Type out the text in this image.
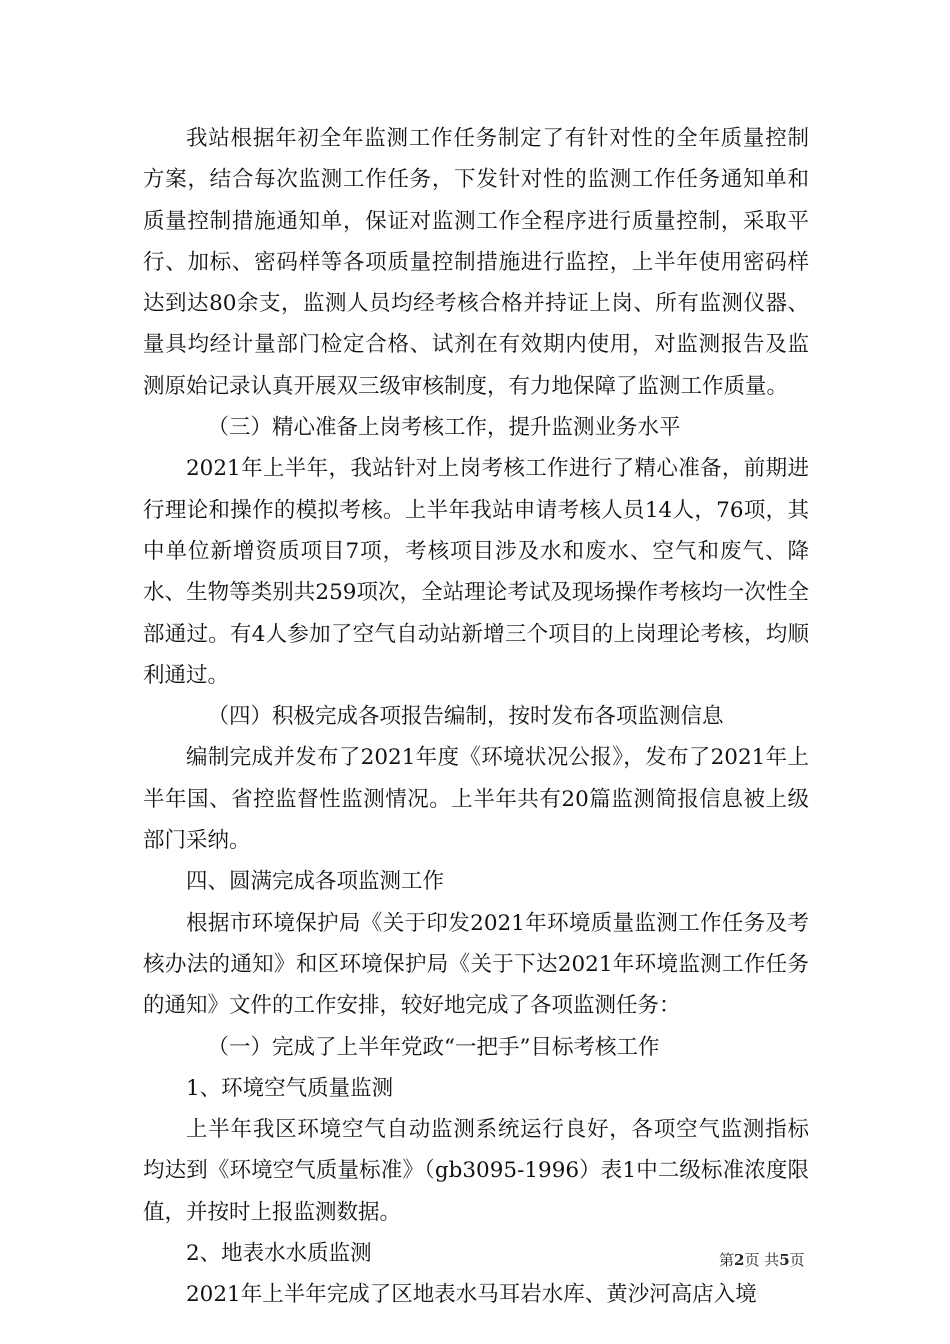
我站根据年初全年监测工作任务制定了有针对性的全年质量控制方案，结合每次监测工作任务，下发针对性的监测工作任务通知单和质量控制措施通知单，保证对监测工作全程序进行质量控制，采取平行、加标、密码样等各项质量控制措施进行监控，上半年使用密码样达到达80余支，监测人员均经考核合格并持证上岗、所有监测仪器、量具均经计量部门检定合格、试剂在有效期内使用，对监测报告及监测原始记录认真开展双三级审核制度，有力地保障了监测工作质量。

（三）精心准备上岗考核工作，提升监测业务水平

2021年上半年，我站针对上岗考核工作进行了精心准备，前期进行理论和操作的模拟考核。上半年我站申请考核人员14人，76项，其中单位新增资质项目7项，考核项目涉及水和废水、空气和废气、降水、生物等类别共259项次，全站理论考试及现场操作考核均一次性全部通过。有4人参加了空气自动站新增三个项目的上岗理论考核，均顺利通过。

（四）积极完成各项报告编制，按时发布各项监测信息

编制完成并发布了2021年度《环境状况公报》，发布了2021年上半年国、省控监督性监测情况。上半年共有20篇监测简报信息被上级部门采纳。

四、圆满完成各项监测工作

根据市环境保护局《关于印发2021年环境质量监测工作任务及考核办法的通知》和区环境保护局《关于下达2021年环境监测工作任务的通知》文件的工作安排，较好地完成了各项监测任务：

（一）完成了上半年党政“一把手”目标考核工作

1、环境空气质量监测

上半年我区环境空气自动监测系统运行良好，各项空气监测指标均达到《环境空气质量标准》（gb3095-1996）表1中二级标准浓度限值，并按时上报监测数据。

2、地表水水质监测

2021年上半年完成了区地表水马耳岩水库、黄沙河高店入境

第2页 共5页
